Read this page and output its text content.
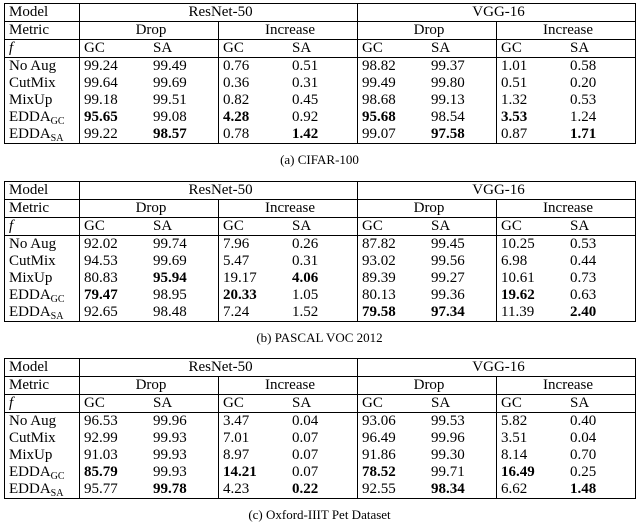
Model	ResNet-50				VGG-16			
Metric	Drop		Increase		Drop		Increase	
f	GC	SA	GC	SA	GC	SA	GC	SA
No Aug	99.24	99.49	0.76	0.51	98.82	99.37	1.01	0.58
CutMix	99.64	99.69	0.36	0.31	99.49	99.80	0.51	0.20
MixUp	99.18	99.51	0.82	0.45	98.68	99.13	1.32	0.53
$EDDA_{GC}$	95.65	99.08	4.28	0.92	95.68	98.54	3.53	1.24
$EDDA_{SA}$	99.22	98.57	0.78	1.42	99.07	97.58	0.87	1.71
(a) CIFAR-100
Model	ResNet-50				VGG-16			
Metric	Drop		Increase		Drop		Increase	
f	GC	SA	GC	SA	GC	SA	GC	SA
No Aug	92.02	99.74	7.96	0.26	87.82	99.45	10.25	0.53
CutMix	94.53	99.69	5.47	0.31	93.02	99.56	6.98	0.44
MixUp	80.83	95.94	19.17	4.06	89.39	99.27	10.61	0.73
$EDDA_{GC}$	79.47	98.95	20.33	1.05	80.13	99.36	19.62	0.63
$EDDA_{SA}$	92.65	98.48	7.24	1.52	79.58	97.34	11.39	2.40
(b) PASCAL VOC 2012
Model	ResNet-50				VGG-16			
Metric	Drop		Increase		Drop		Increase	
f	GC	SA	GC	SA	GC	SA	GC	SA
No Aug	96.53	99.96	3.47	0.04	93.06	99.53	5.82	0.40
CutMix	92.99	99.93	7.01	0.07	96.49	99.96	3.51	0.04
MixUp	91.03	99.93	8.97	0.07	91.86	99.30	8.14	0.70
$EDDA_{GC}$	85.79	99.93	14.21	0.07	78.52	99.71	16.49	0.25
$EDDA_{SA}$	95.77	99.78	4.23	0.22	92.55	98.34	6.62	1.48
(c) Oxford-IIIT Pet Dataset
